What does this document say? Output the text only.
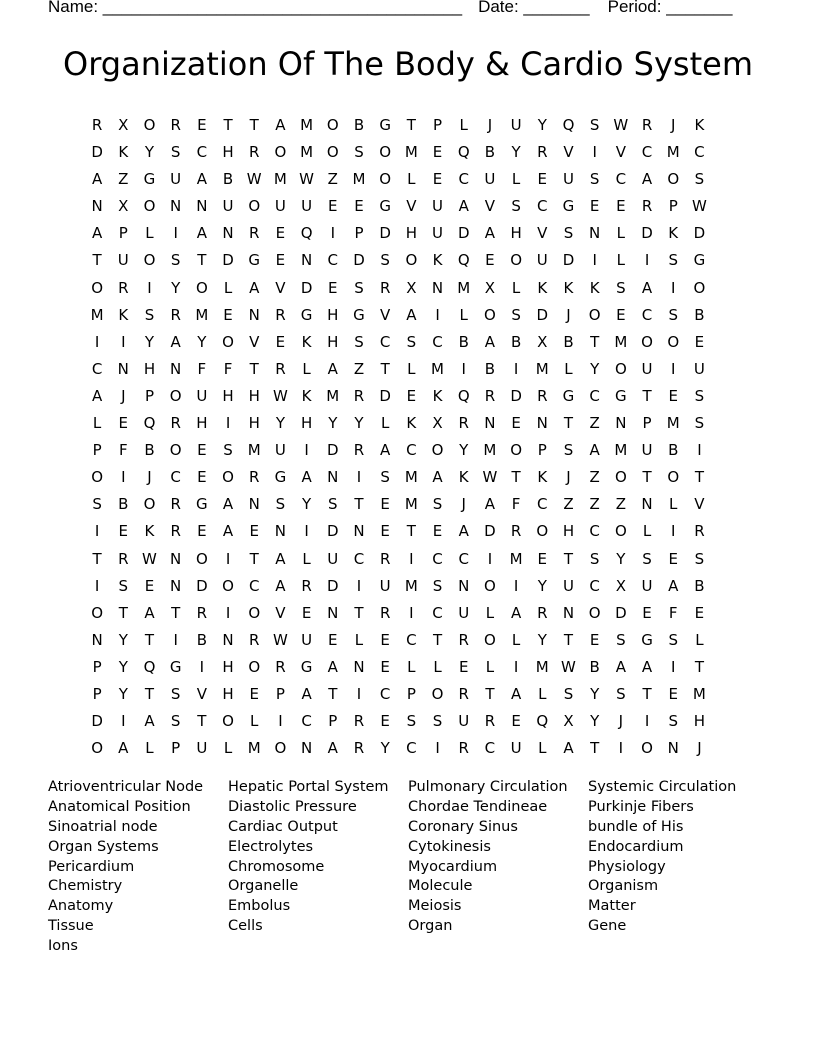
Name: ______________________________________ Date: _______ Period: _______
Organization Of The Body & Cardio System
R	X	O	R	E	T	T	A M O	B	G	T	P	L	J	U	Y	Q	S W R	J	K
D	K	Y	S	C	H	R	O M O	S	O M E	Q	B	Y	R	V	I	V	C M C
A	Z	G U	A	B W M W Z M O	L	E	C	U	L	E	U	S	C	A	O	S
N	X	O N N	U O U	U	E	E	G	V	U	A	V	S	C	G	E	E	R	P W
A	P	L	I	A	N	R	E	Q	I	P	D H	U D	A	H	V	S	N	L	D	K	D
T	U O	S	T	D G	E	N	C	D	S	O	K	Q	E	O U D	I	L	I	S	G
O	R	I	Y	O	L	A	V	D	E	S	R	X	N M X	L	K	K	K	S	A	I	O
M K	S	R M E	N	R	G H G	V	A	I	L	O	S	D	J	O	E	C	S	B
I	I	Y	A	Y	O	V	E	K	H	S	C	S	C	B	A	B	X	B	T	M O O	E
C	N H N	F	F	T	R	L	A	Z	T	L	M	I	B	I	M	L	Y	O U	I	U
A	J	P	O U	H H W K M R	D	E	K	Q	R	D	R	G	C	G	T	E	S
L	E	Q	R	H	I	H	Y	H	Y	Y	L	K	X	R	N	E	N	T	Z	N	P	M S
P	F	B	O	E	S M U	I	D	R	A	C	O	Y	M O	P	S	A M U	B	I
O	I	J	C	E	O	R	G	A	N	I	S M A	K W T	K	J	Z	O	T	O	T
S	B	O	R	G	A	N	S	Y	S	T	E M S	J	A	F	C	Z	Z	Z	N	L	V
I	E	K	R	E	A	E	N	I	D N	E	T	E	A	D	R	O H	C	O	L	I	R
T	R W N O	I	T	A	L	U	C	R	I	C	C	I	M E	T	S	Y	S	E	S
I	S	E	N D O	C	A	R	D	I	U M S	N O	I	Y	U	C	X	U	A	B
O	T	A	T	R	I	O	V	E	N	T	R	I	C	U	L	A	R	N O D	E	F	E
N	Y	T	I	B	N	R W U	E	L	E	C	T	R	O	L	Y	T	E	S	G	S	L
P	Y	Q G	I	H O	R	G	A	N	E	L	L	E	L	I	M W B	A	A	I	T
P	Y	T	S	V	H	E	P	A	T	I	C	P	O	R	T	A	L	S	Y	S	T	E M
D	I	A	S	T	O	L	I	C	P	R	E	S	S	U	R	E	Q	X	Y	J	I	S	H
O	A	L	P	U	L	M O N	A	R	Y	C	I	R	C	U	L	A	T	I	O N	J
Atrioventricular Node
Anatomical Position
Sinoatrial node
Organ Systems
Pericardium
Chemistry
Anatomy
Tissue
Ions
Hepatic Portal System
Diastolic Pressure
Cardiac Output
Electrolytes
Chromosome
Organelle
Embolus
Cells
Pulmonary Circulation
Chordae Tendineae
Coronary Sinus
Cytokinesis
Myocardium
Molecule
Meiosis
Organ
Systemic Circulation
Purkinje Fibers
bundle of His
Endocardium
Physiology
Organism
Matter
Gene
